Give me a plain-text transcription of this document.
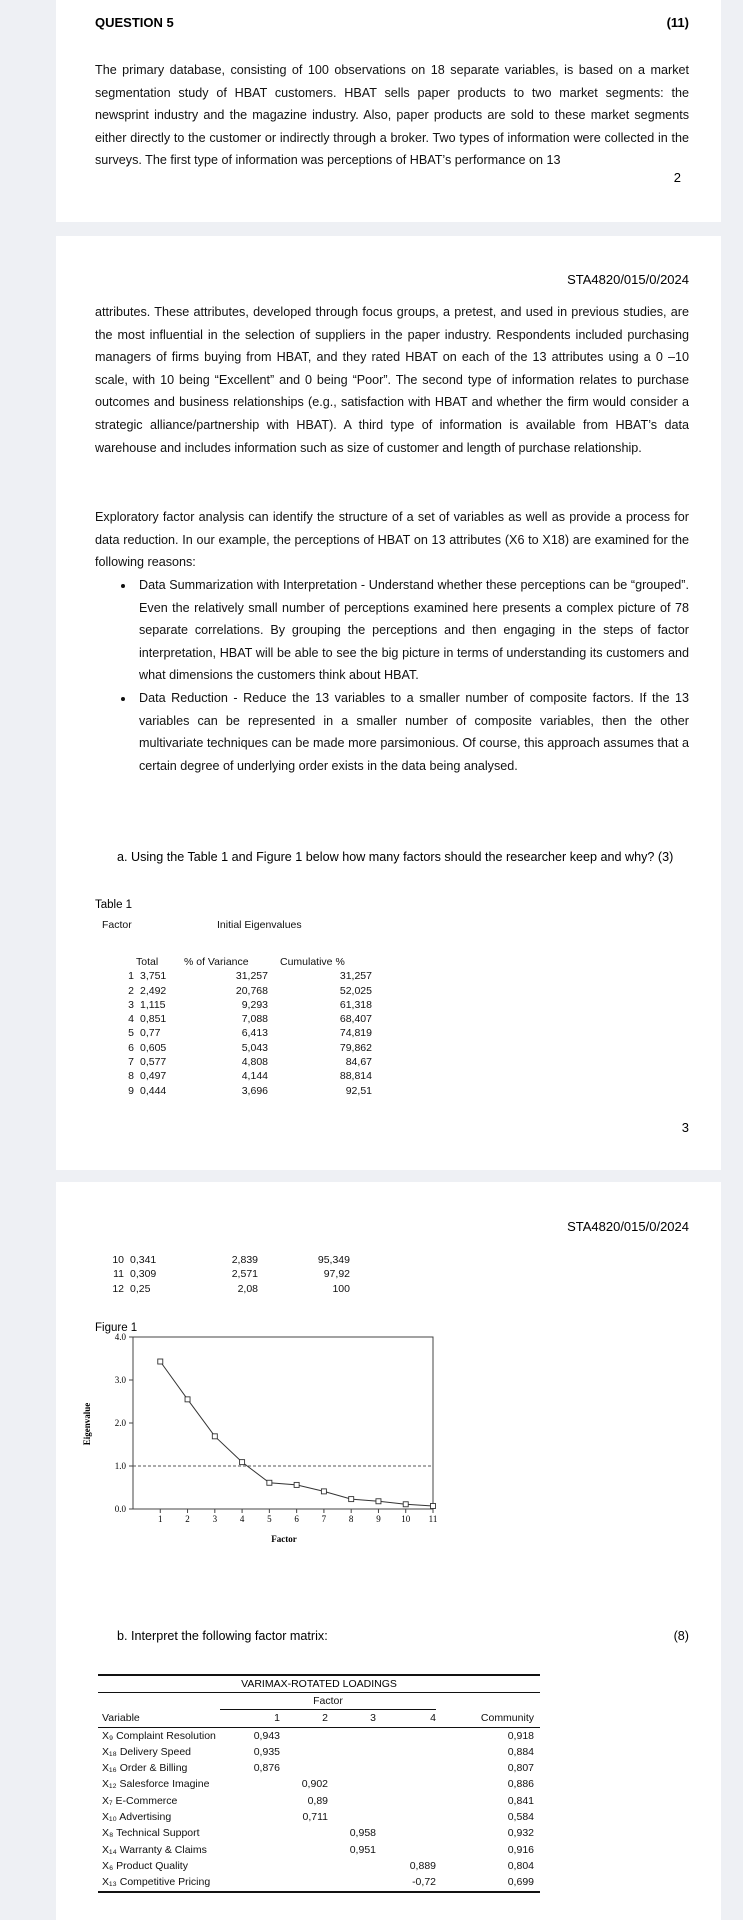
QUESTION 5	(11)
The primary database, consisting of 100 observations on 18 separate variables, is based on a market segmentation study of HBAT customers. HBAT sells paper products to two market segments: the newsprint industry and the magazine industry. Also, paper products are sold to these market segments either directly to the customer or indirectly through a broker. Two types of information were collected in the surveys. The first type of information was perceptions of HBAT’s performance on 13
2
STA4820/015/0/2024
attributes. These attributes, developed through focus groups, a pretest, and used in previous studies, are the most influential in the selection of suppliers in the paper industry. Respondents included purchasing managers of firms buying from HBAT, and they rated HBAT on each of the 13 attributes using a 0 –10 scale, with 10 being “Excellent” and 0 being “Poor”. The second type of information relates to purchase outcomes and business relationships (e.g., satisfaction with HBAT and whether the firm would consider a strategic alliance/partnership with HBAT). A third type of information is available from HBAT’s data warehouse and includes information such as size of customer and length of purchase relationship.
Exploratory factor analysis can identify the structure of a set of variables as well as provide a process for data reduction. In our example, the perceptions of HBAT on 13 attributes (X6 to X18) are examined for the following reasons:
• Data Summarization with Interpretation - Understand whether these perceptions can be “grouped”. Even the relatively small number of perceptions examined here presents a complex picture of 78 separate correlations. By grouping the perceptions and then engaging in the steps of factor interpretation, HBAT will be able to see the big picture in terms of understanding its customers and what dimensions the customers think about HBAT.
• Data Reduction - Reduce the 13 variables to a smaller number of composite factors. If the 13 variables can be represented in a smaller number of composite variables, then the other multivariate techniques can be made more parsimonious. Of course, this approach assumes that a certain degree of underlying order exists in the data being analysed.
a. Using the Table 1 and Figure 1 below how many factors should the researcher keep and why? (3)
Table 1
Factor		Initial Eigenvalues

	Total	% of Variance	Cumulative %
1	3,751	31,257	31,257
2	2,492	20,768	52,025
3	1,115	9,293	61,318
4	0,851	7,088	68,407
5	0,77	6,413	74,819
6	0,605	5,043	79,862
7	0,577	4,808	84,67
8	0,497	4,144	88,814
9	0,444	3,696	92,51
3
STA4820/015/0/2024
10	0,341	2,839	95,349
11	0,309	2,571	97,92
12	0,25	2,08	100
Figure 1
0.0
1.0
2.0
3.0
4.0
1	2	3	4	5	6	7	8	9 10 11
Factor
Eigenvalue
b. Interpret the following factor matrix:	(8)
VARIMAX-ROTATED LOADINGS
	Factor				
Variable	1	2	3	4	Community
X₉ Complaint Resolution	0,943				0,918
X₁₈ Delivery Speed	0,935				0,884
X₁₆ Order & Billing	0,876				0,807
X₁₂ Salesforce Imagine		0,902			0,886
X₇ E-Commerce		0,89			0,841
X₁₀ Advertising		0,711			0,584
X₈ Technical Support			0,958		0,932
X₁₄ Warranty & Claims			0,951		0,916
X₆ Product Quality				0,889	0,804
X₁₃ Competitive Pricing				-0,72	0,699
